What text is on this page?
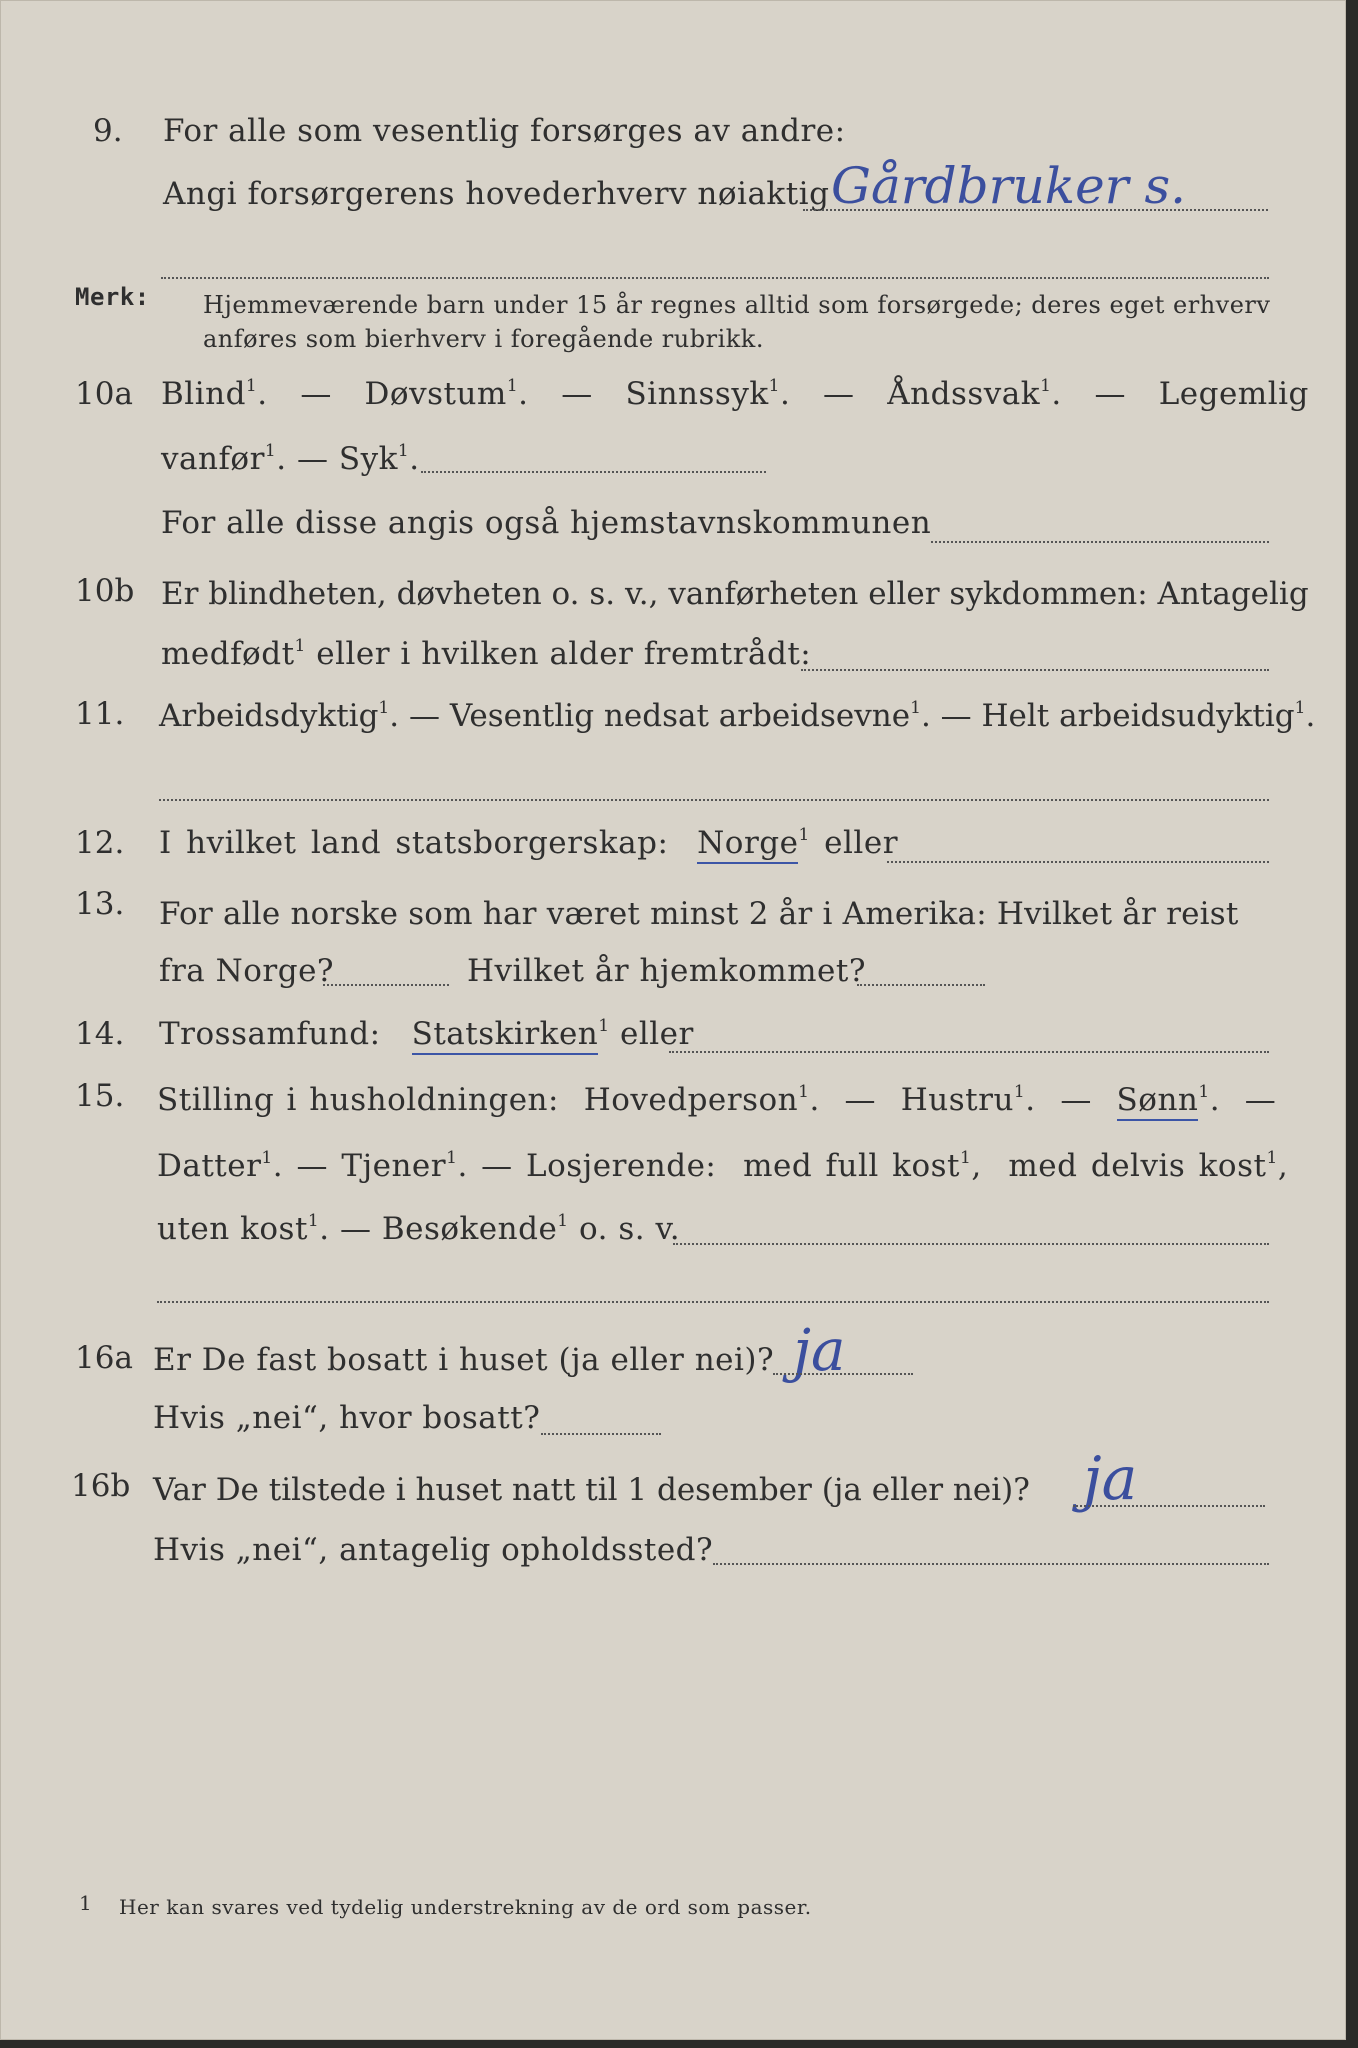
9. For alle som vesentlig forsørges av andre:
Angi forsørgerens hovederhverv nøiaktig Gårdbruker s.
Merk: Hjemmeværende barn under 15 år regnes alltid som forsørgede; deres eget erhverv
anføres som bierhverv i foregående rubrikk.
10a Blind$^1$.  —  Døvstum$^1$.  —  Sinnssyk$^1$.  —  Åndssvak$^1$.  —  Legemlig
vanfør$^1$. — Syk$^1$.
For alle disse angis også hjemstavnskommunen
10b Er blindheten, døvheten o. s. v., vanførheten eller sykdommen: Antagelig
medfødt$^1$ eller i hvilken alder fremtrådt:
11. Arbeidsdyktig$^1$. — Vesentlig nedsat arbeidsevne$^1$. — Helt arbeidsudyktig$^1$.
12. I hvilket land statsborgerskap: Norge$^1$ eller
13. For alle norske som har været minst 2 år i Amerika: Hvilket år reist
fra Norge?	Hvilket år hjemkommet?
14. Trossamfund: Statskirken$^1$ eller
15. Stilling i husholdningen: Hovedperson$^1$.  —  Hustru$^1$.  —  Sønn$^1$.  —
Datter$^1$. — Tjener$^1$. — Losjerende: med full kost$^1$,  med delvis kost$^1$,
uten kost$^1$. — Besøkende$^1$ o. s. v.
16a Er De fast bosatt i huset (ja eller nei)? ja
Hvis „nei“, hvor bosatt?
16b Var De tilstede i huset natt til 1 desember (ja eller nei)? ja
Hvis „nei“, antagelig opholdssted?
1 Her kan svares ved tydelig understrekning av de ord som passer.
